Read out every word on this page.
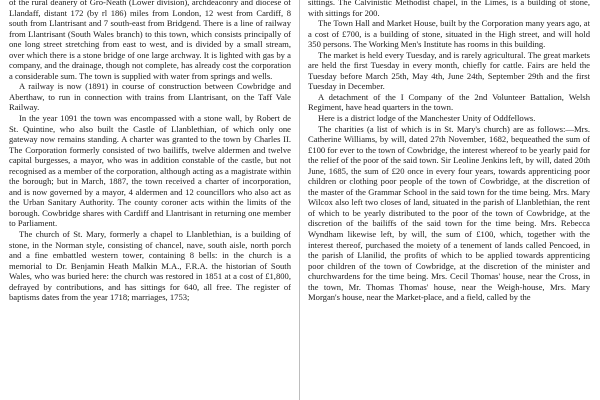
of the rural deanery of Gro-Neath (Lower division), archdeaconry and diocese of Llandaff, distant 172 (by rl 186) miles from London, 12 west from Cardiff, 8 south from Llantrisant and 7 south-east from Bridgend. There is a line of railway from Llantrisant (South Wales branch) to this town, which consists principally of one long street stretching from east to west, and is divided by a small stream, over which there is a stone bridge of one large archway. It is lighted with gas by a company, and the drainage, though not complete, has already cost the corporation a considerable sum. The town is supplied with water from springs and wells.

A railway is now (1891) in course of construction between Cowbridge and Aberthaw, to run in connection with trains from Llantrisant, on the Taff Vale Railway.

In the year 1091 the town was encompassed with a stone wall, by Robert de St. Quintine, who also built the Castle of Llanblethian, of which only one gateway now remains standing. A charter was granted to the town by Charles II. The Corporation formerly consisted of two bailiffs, twelve aldermen and twelve capital burgesses, a mayor, who was in addition constable of the castle, but not recognised as a member of the corporation, although acting as a magistrate within the borough; but in March, 1887, the town received a charter of incorporation, and is now governed by a mayor, 4 aldermen and 12 councillors who also act as the Urban Sanitary Authority. The county coroner acts within the limits of the borough. Cowbridge shares with Cardiff and Llantrisant in returning one member to Parliament.

The church of St. Mary, formerly a chapel to Llanblethian, is a building of stone, in the Norman style, consisting of chancel, nave, south aisle, north porch and a fine embattled western tower, containing 8 bells: in the church is a memorial to Dr. Benjamin Heath Malkin M.A., F.R.A. the historian of South Wales, who was buried here: the church was restored in 1851 at a cost of £1,800, defrayed by contributions, and has sittings for 640, all free. The register of baptisms dates from the year 1718; marriages, 1753;

sittings. The Calvinistic Methodist chapel, in the Limes, is a building of stone, with sittings for 200.

The Town Hall and Market House, built by the Corporation many years ago, at a cost of £700, is a building of stone, situated in the High street, and will hold 350 persons. The Working Men's Institute has rooms in this building.

The market is held every Tuesday, and is rarely agricultural. The great markets are held the first Tuesday in every month, chiefly for cattle. Fairs are held the Tuesday before March 25th, May 4th, June 24th, September 29th and the first Tuesday in December.

A detachment of the I Company of the 2nd Volunteer Battalion, Welsh Regiment, have head quarters in the town.

Here is a district lodge of the Manchester Unity of Oddfellows.

The charities (a list of which is in St. Mary's church) are as follows:—Mrs. Catherine Williams, by will, dated 27th November, 1682, bequeathed the sum of £100 for ever to the town of Cowbridge, the interest whereof to be yearly paid for the relief of the poor of the said town. Sir Leoline Jenkins left, by will, dated 20th June, 1685, the sum of £20 once in every four years, towards apprenticing poor children or clothing poor people of the town of Cowbridge, at the discretion of the master of the Grammar School in the said town for the time being. Mrs. Mary Wilcox also left two closes of land, situated in the parish of Llanblethian, the rent of which to be yearly distributed to the poor of the town of Cowbridge, at the discretion of the bailiffs of the said town for the time being. Mrs. Rebecca Wyndham likewise left, by will, the sum of £100, which, together with the interest thereof, purchased the moiety of a tenement of lands called Pencoed, in the parish of Llanilid, the profits of which to be applied towards apprenticing poor children of the town of Cowbridge, at the discretion of the minister and churchwardens for the time being. Mrs. Cecil Thomas' house, near the Cross, in the town, Mr. Thomas Thomas' house, near the Weigh-house, Mrs. Mary Morgan's house, near the Market-place, and a field, called by the
